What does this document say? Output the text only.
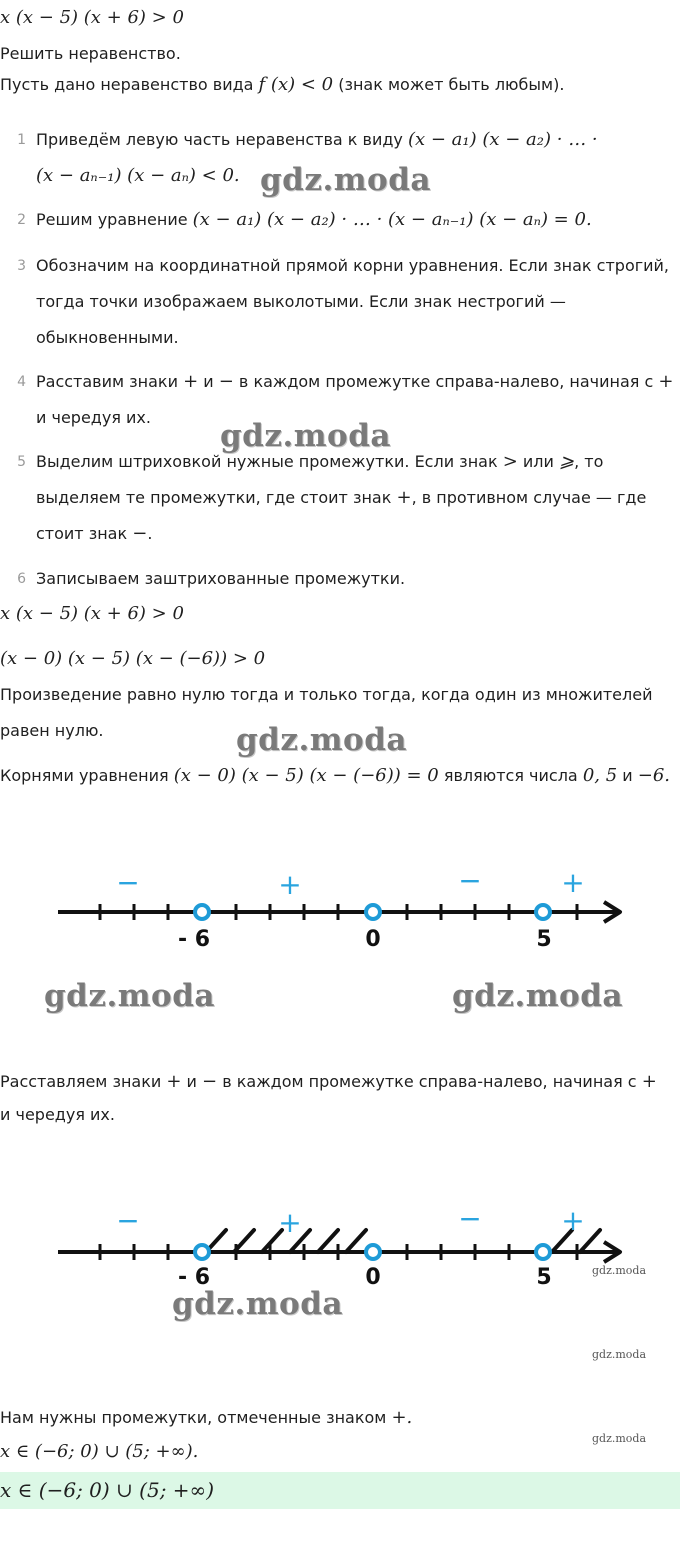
x (x − 5) (x + 6) > 0
Решить неравенство.
Пусть дано неравенство вида f (x) < 0 (знак может быть любым).
1 Приведём левую часть неравенства к виду (x − a₁) (x − a₂) · … ·
(x − aₙ₋₁) (x − aₙ) < 0.
2 Решим уравнение (x − a₁) (x − a₂) · … · (x − aₙ₋₁) (x − aₙ) = 0.
3 Обозначим на координатной прямой корни уравнения. Если знак строгий, тогда точки изображаем выколотыми. Если знак нестрогий — обыкновенными.
4 Расставим знаки + и − в каждом промежутке справа-налево, начиная с + и чередуя их.
5 Выделим штриховкой нужные промежутки. Если знак > или ⩾, то выделяем те промежутки, где стоит знак +, в противном случае — где стоит знак −.
6 Записываем заштрихованные промежутки.
x (x − 5) (x + 6) > 0
(x − 0) (x − 5) (x − (−6)) > 0
Произведение равно нулю тогда и только тогда, когда один из множителей равен нулю.
Корнями уравнения (x − 0) (x − 5) (x − (−6)) = 0 являются числа 0, 5 и −6.
- 6	0	5
−	+	−	+
Расставляем знаки + и − в каждом промежутке справа-налево, начиная с +
и чередуя их.
- 6	0	5
−	+	−	+
Нам нужны промежутки, отмеченные знаком +.
x ∈ (−6; 0) ∪ (5; +∞).
x ∈ (−6; 0) ∪ (5; +∞)
gdz.moda
gdz.moda
gdz.moda
gdz.moda	gdz.moda
gdz.moda
gdz.moda
gdz.moda
gdz.moda
